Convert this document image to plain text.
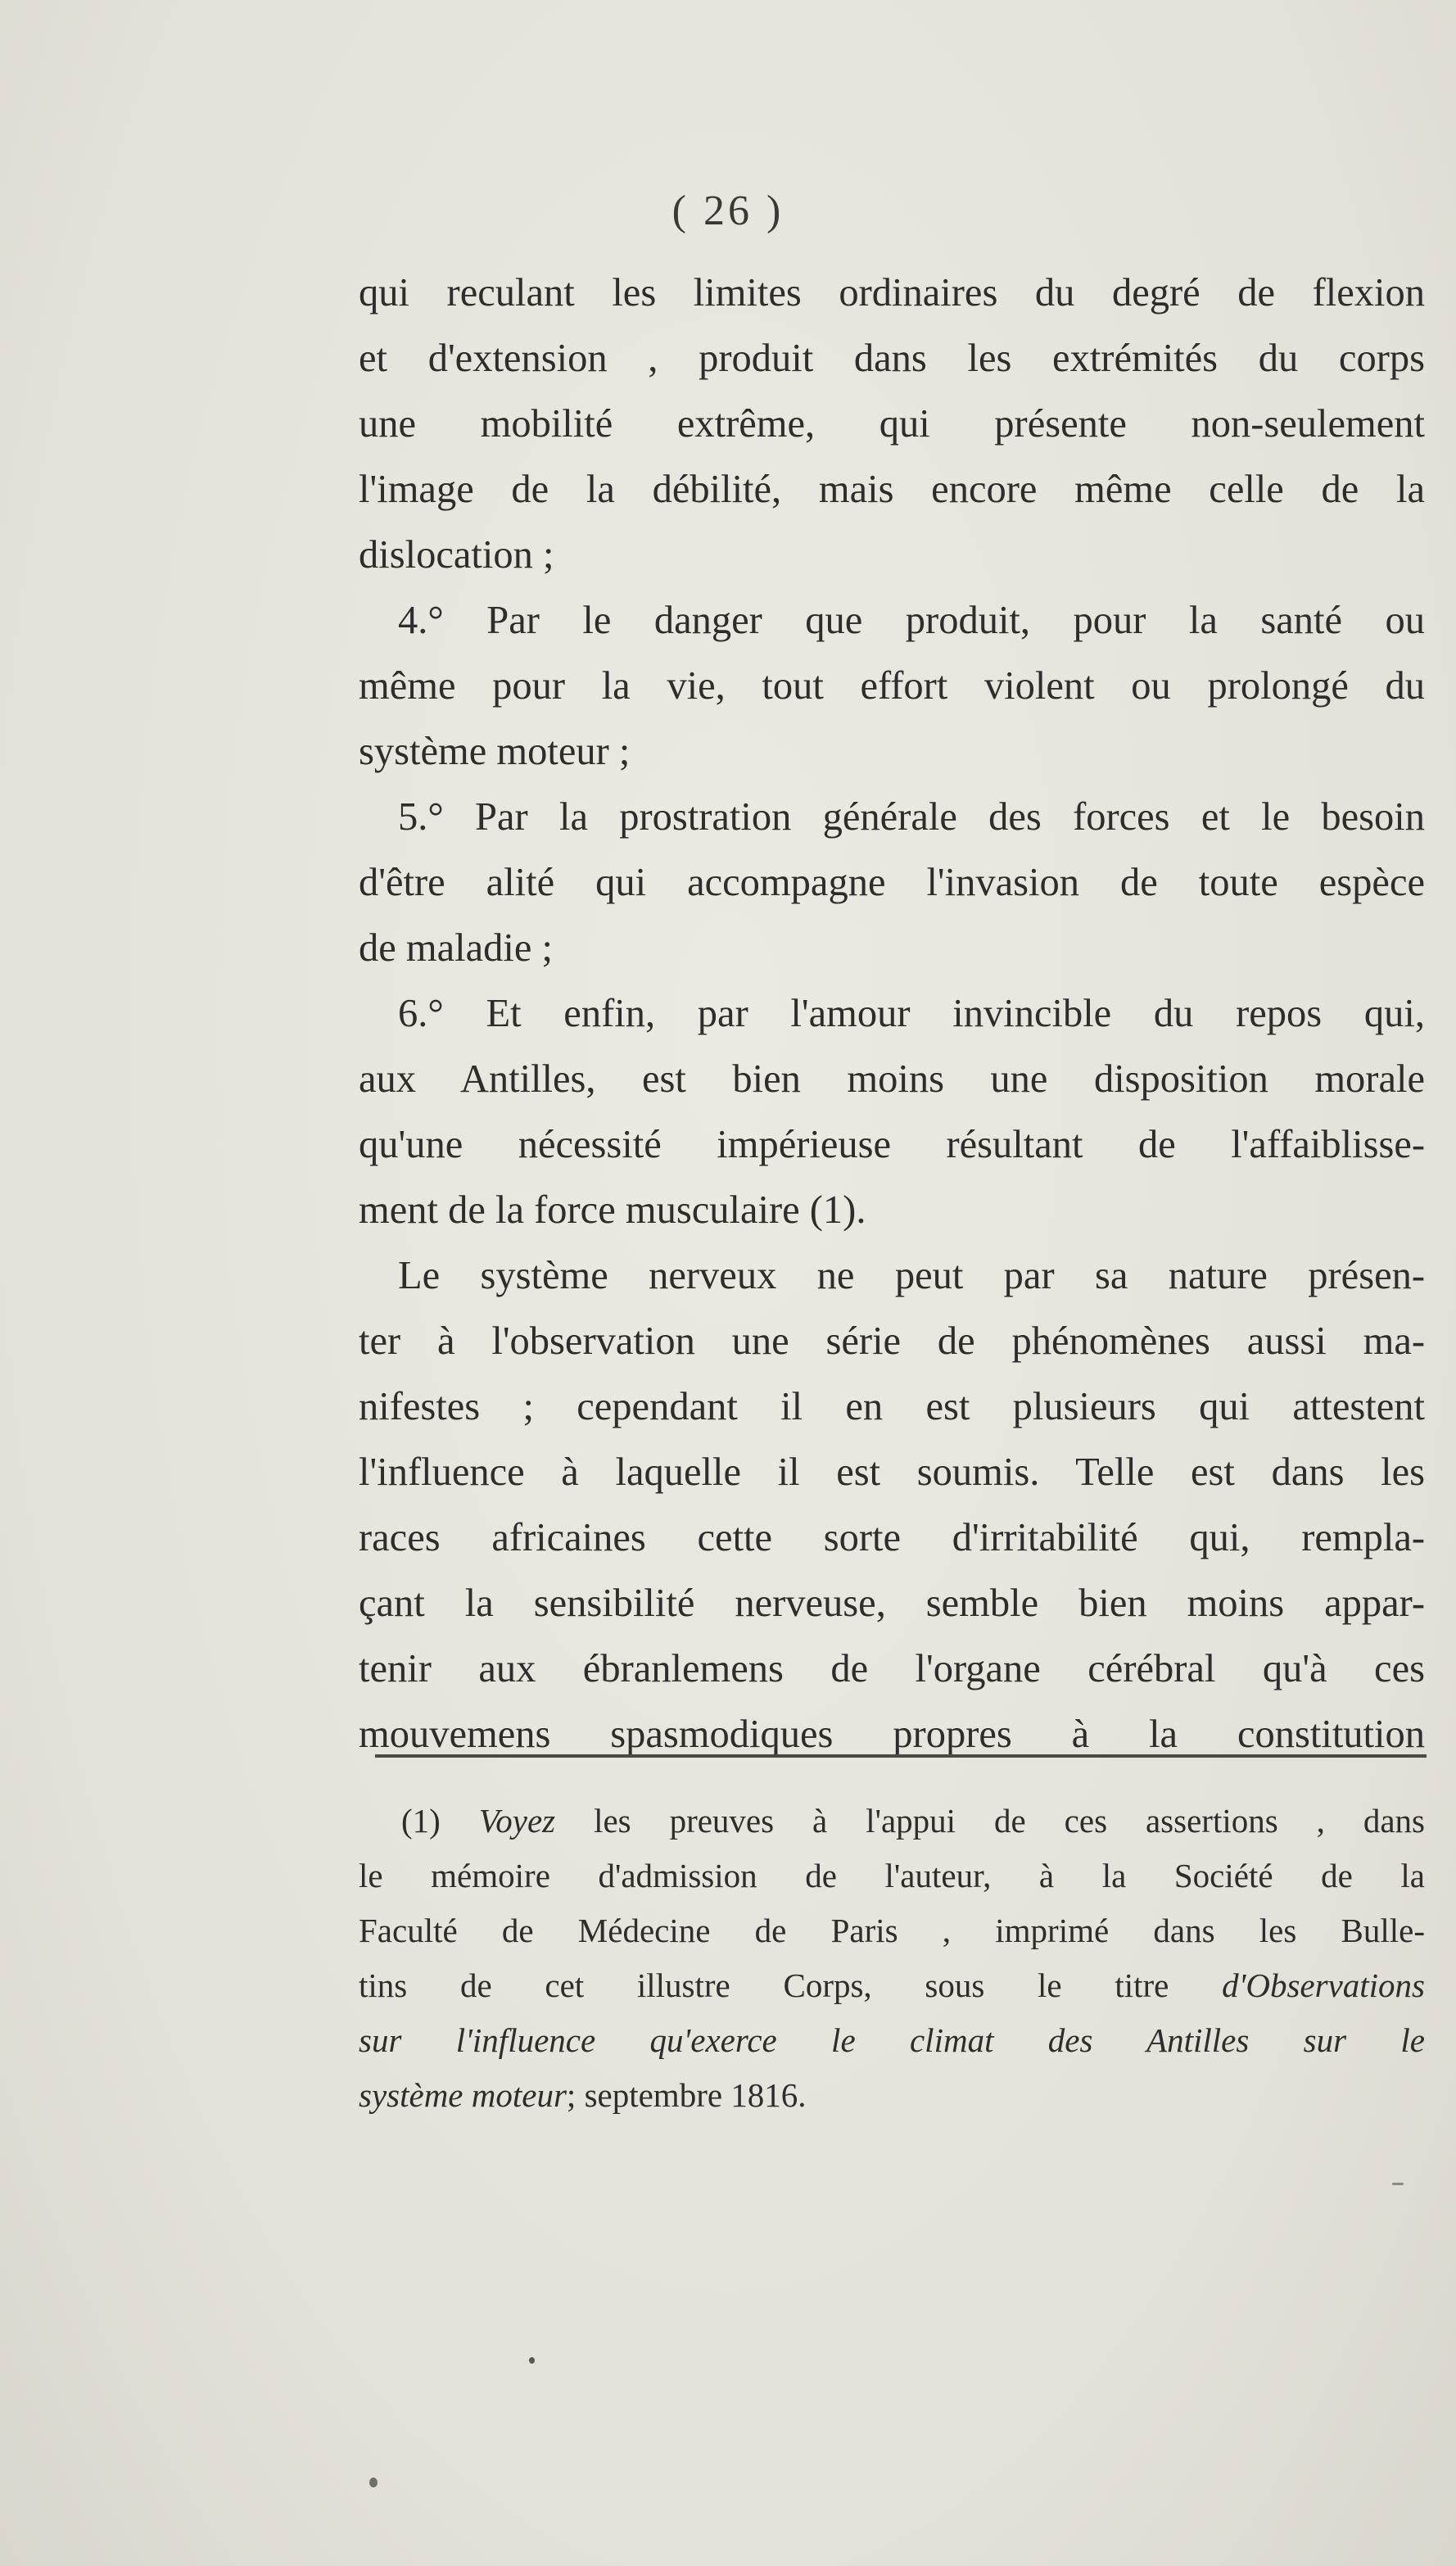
( 26 )
qui reculant les limites ordinaires du degré de flexion
et d'extension , produit dans les extrémités du corps
une mobilité extrême, qui présente non-seulement
l'image de la débilité, mais encore même celle de la
dislocation ;
4.° Par le danger que produit, pour la santé ou
même pour la vie, tout effort violent ou prolongé du
système moteur ;
5.° Par la prostration générale des forces et le besoin
d'être alité qui accompagne l'invasion de toute espèce
de maladie ;
6.° Et enfin, par l'amour invincible du repos qui,
aux Antilles, est bien moins une disposition morale
qu'une nécessité impérieuse résultant de l'affaiblisse-
ment de la force musculaire (1).
Le système nerveux ne peut par sa nature présen-
ter à l'observation une série de phénomènes aussi ma-
nifestes ; cependant il en est plusieurs qui attestent
l'influence à laquelle il est soumis. Telle est dans les
races africaines cette sorte d'irritabilité qui, rempla-
çant la sensibilité nerveuse, semble bien moins appar-
tenir aux ébranlemens de l'organe cérébral qu'à ces
mouvemens spasmodiques propres à la constitution
(1) Voyez les preuves à l'appui de ces assertions , dans
le mémoire d'admission de l'auteur, à la Société de la
Faculté de Médecine de Paris , imprimé dans les Bulle-
tins de cet illustre Corps, sous le titre d'Observations
sur l'influence qu'exerce le climat des Antilles sur le
système moteur; septembre 1816.
